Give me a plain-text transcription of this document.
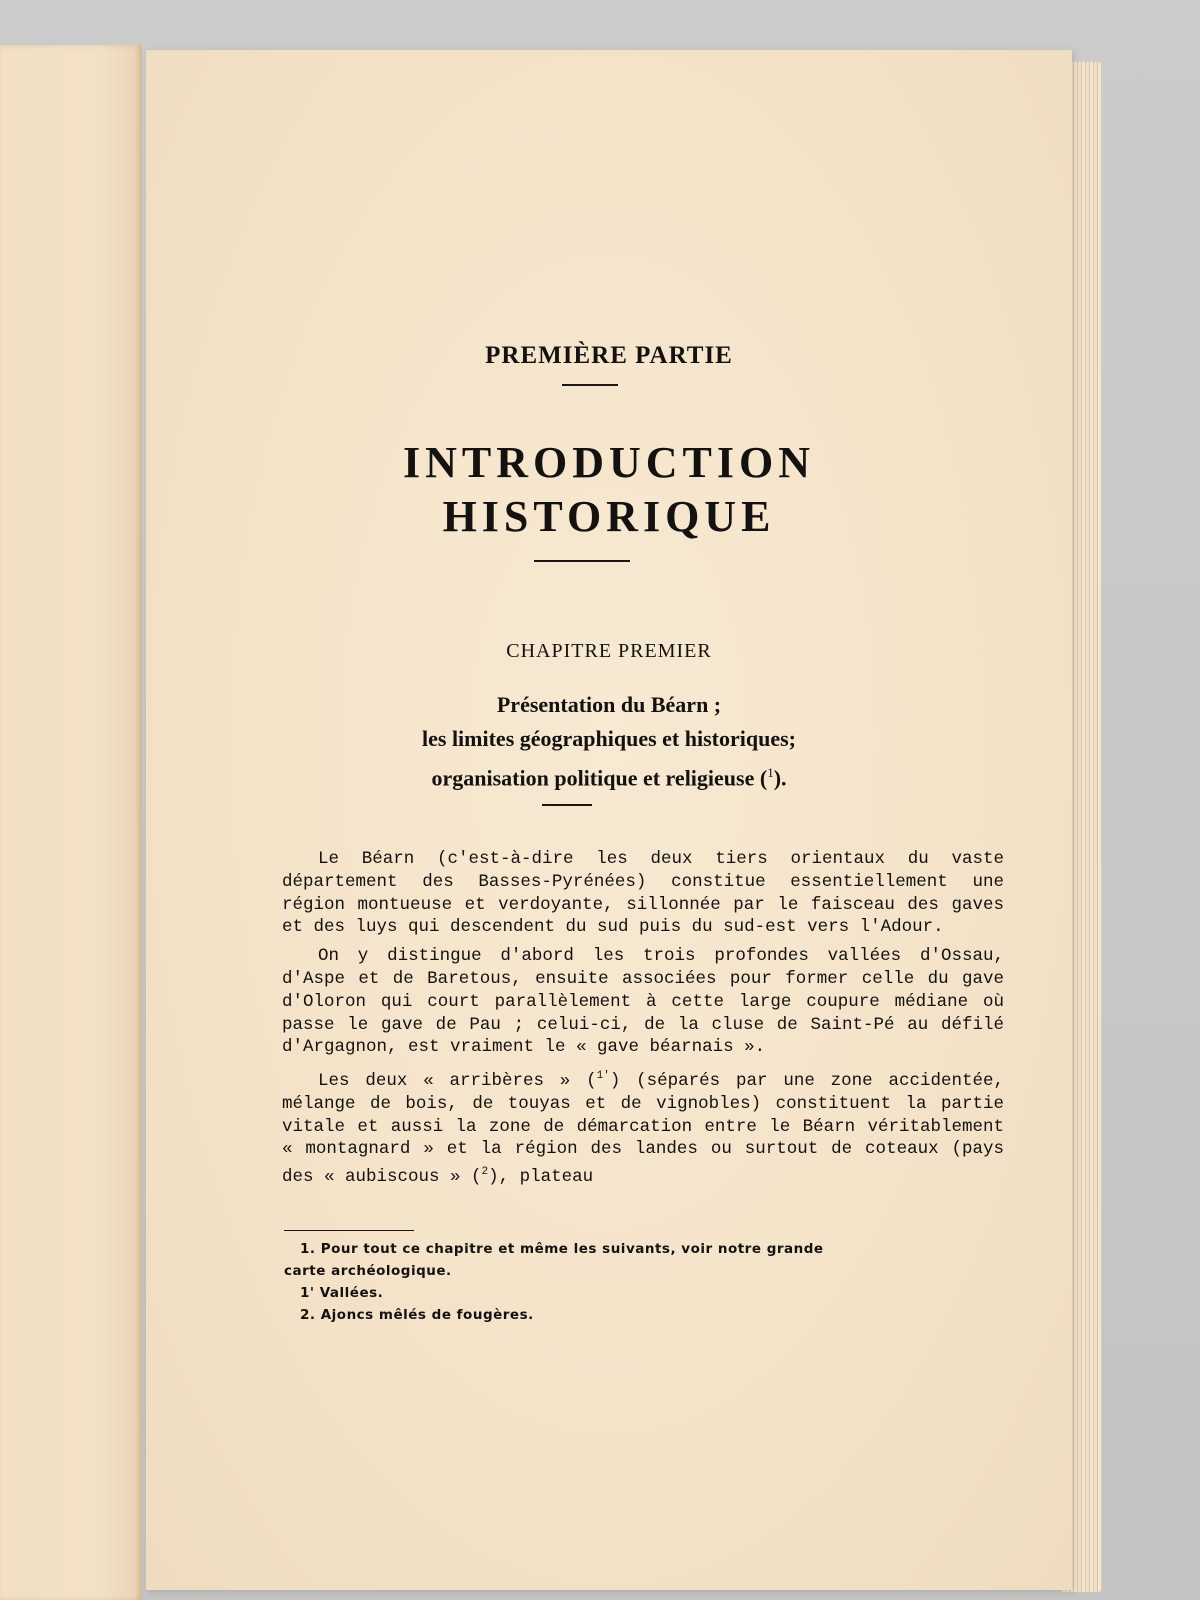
PREMIÈRE PARTIE
INTRODUCTION
HISTORIQUE
CHAPITRE PREMIER
Présentation du Béarn ;
les limites géographiques et historiques;
organisation politique et religieuse ($^1$).

Le Béarn (c'est-à-dire les deux tiers orientaux du vaste département des Basses-Pyrénées) constitue essentiellement une région montueuse et verdoyante, sillonnée par le faisceau des gaves et des luys qui descendent du sud puis du sud-est vers l'Adour.

On y distingue d'abord les trois profondes vallées d'Ossau, d'Aspe et de Baretous, ensuite associées pour former celle du gave d'Oloron qui court parallèlement à cette large coupure médiane où passe le gave de Pau ; celui-ci, de la cluse de Saint-Pé au défilé d'Argagnon, est vraiment le « gave béarnais ».

Les deux « arribères » ($^{1'}$) (séparés par une zone accidentée, mélange de bois, de touyas et de vignobles) constituent la partie vitale et aussi la zone de démarcation entre le Béarn véritablement « montagnard » et la région des landes ou surtout de coteaux (pays des « aubiscous » ($^2$), plateau

1. Pour tout ce chapitre et même les suivants, voir notre grande
carte archéologique.
1' Vallées.
2. Ajoncs mêlés de fougères.
